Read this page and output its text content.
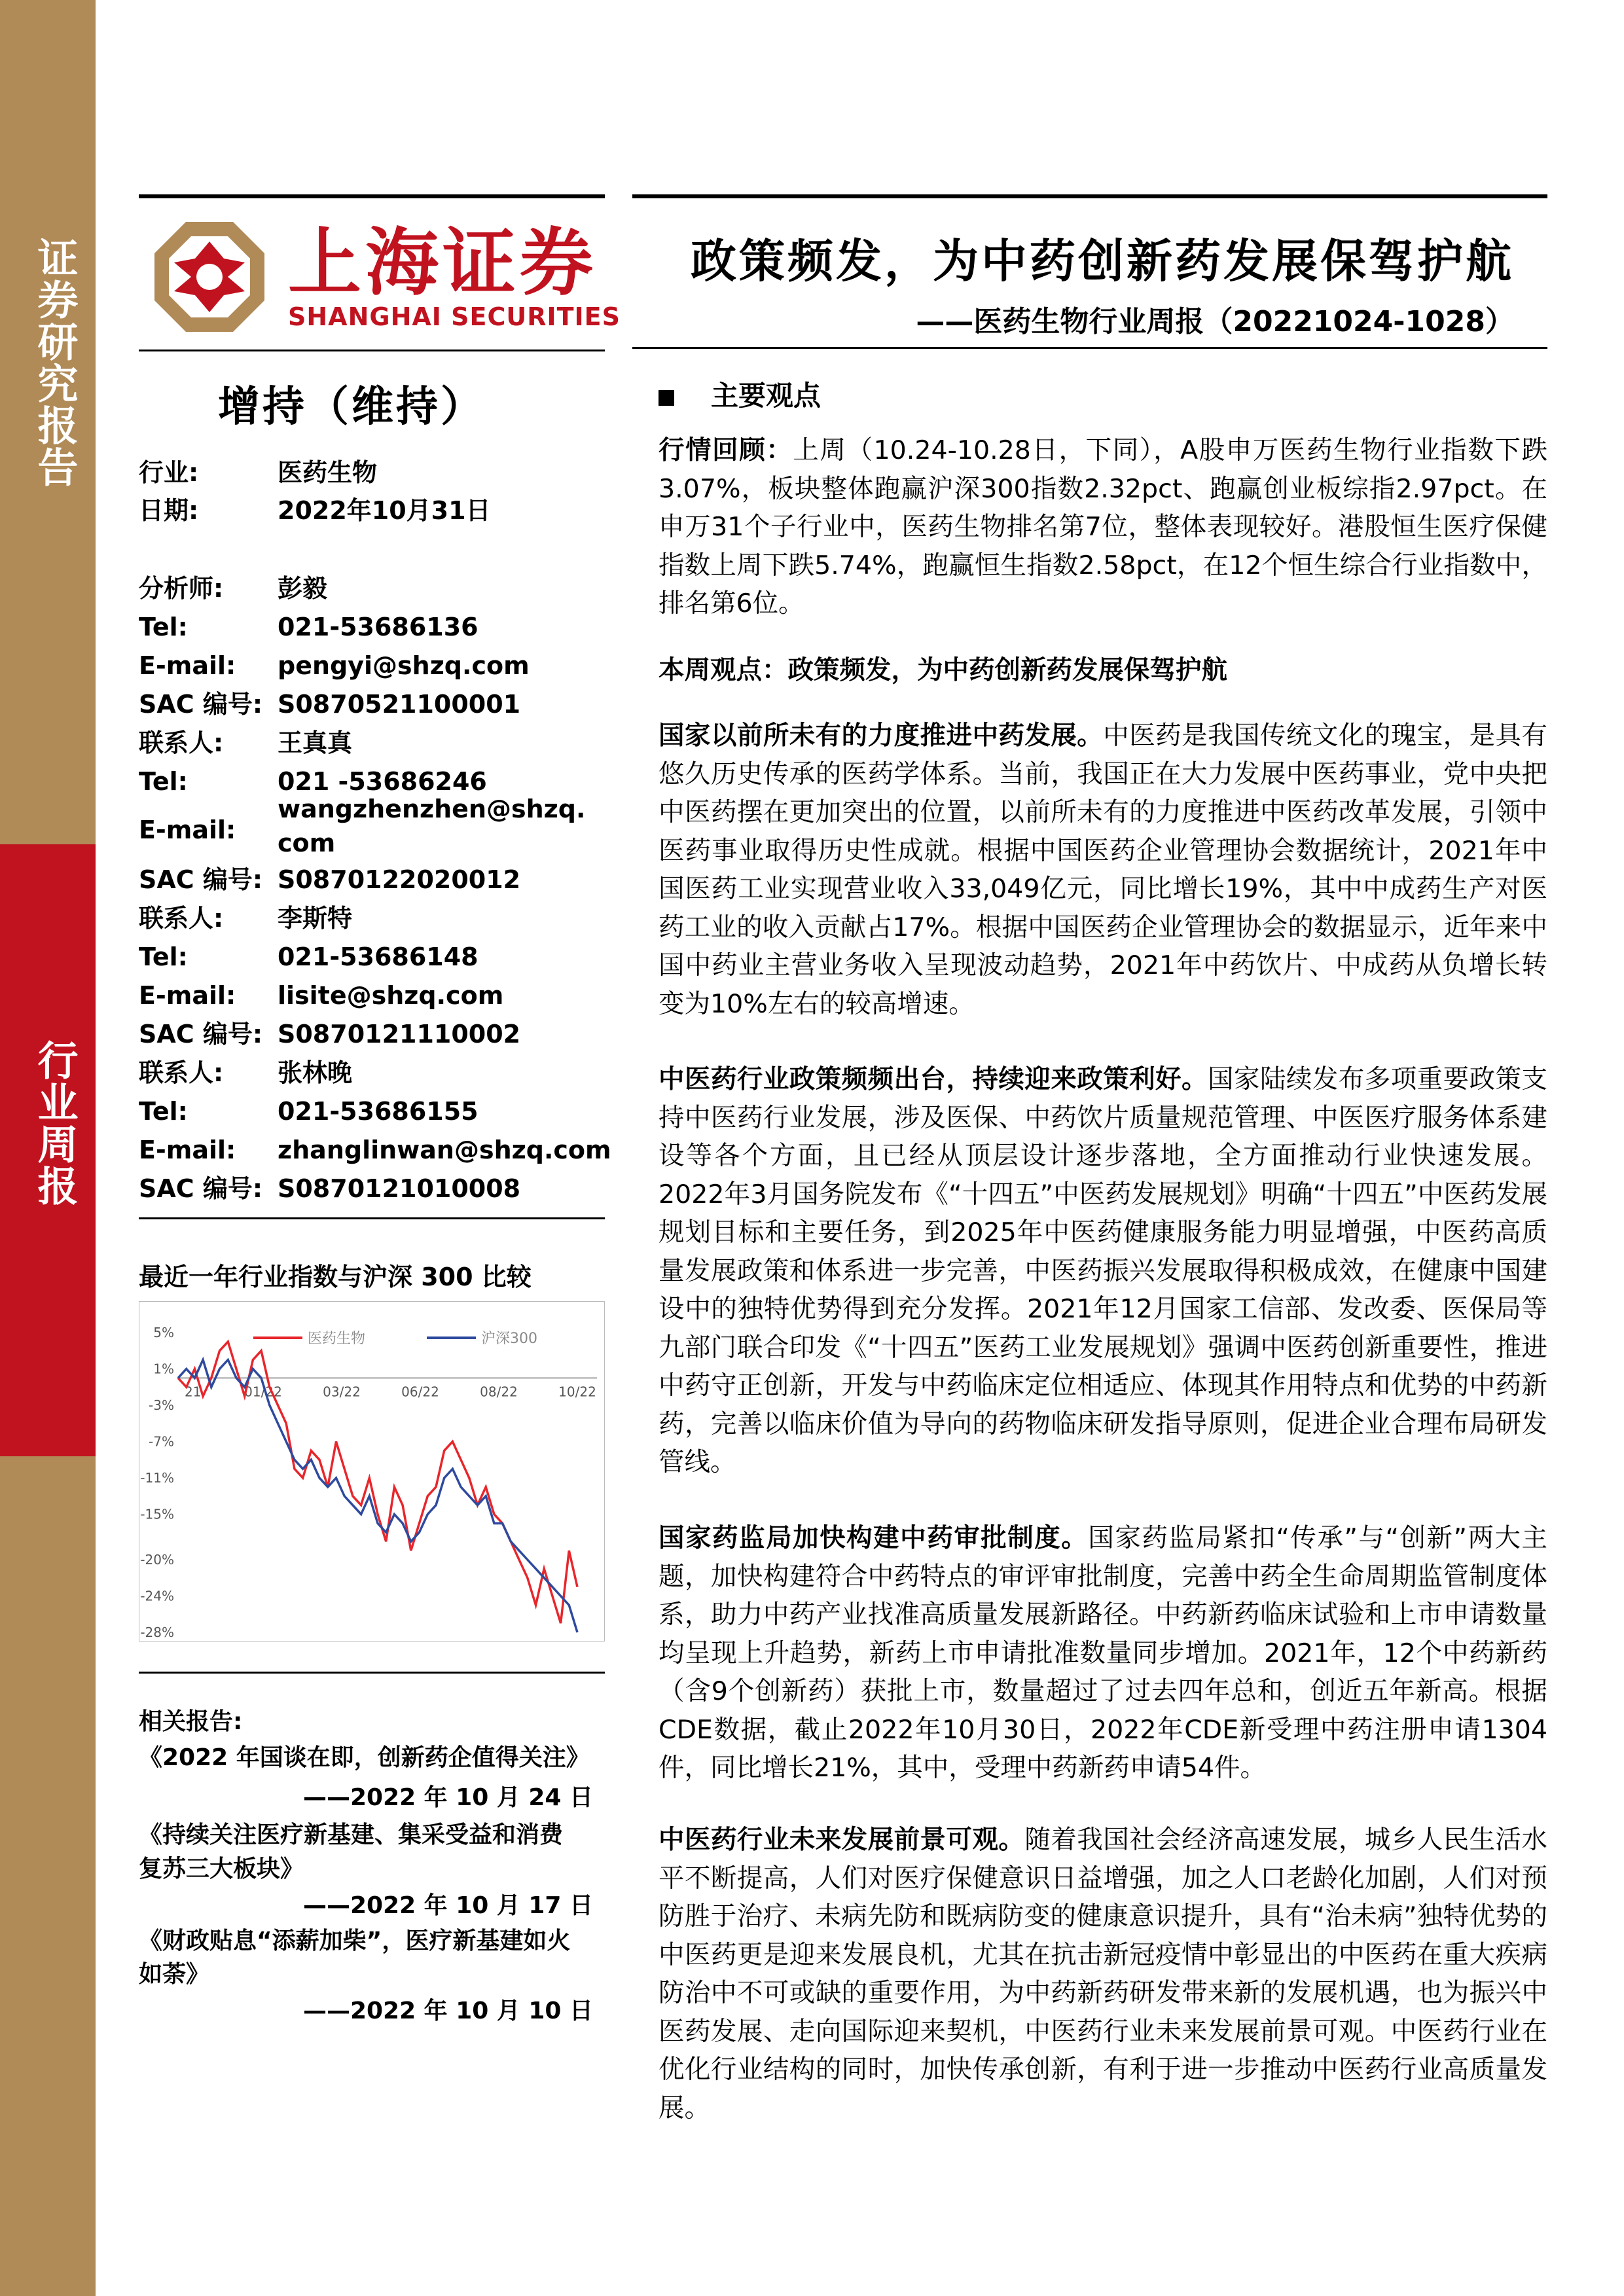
证券研究报告
行业周报
上海证券
SHANGHAI SECURITIES
政策频发，为中药创新药发展保驾护航
——医药生物行业周报（20221024-1028）
增持（维持）
行业:	医药生物
日期:	2022年10月31日
分析师: 彭毅
Tel:	021-53686136
E-mail: pengyi@shzq.com
SAC 编号: S0870521100001
联系人: 王真真
Tel:	021 -53686246
E-mail:
wangzhenzhen@shzq.com
SAC 编号: S0870122020012
联系人: 李斯特
Tel:	021-53686148
E-mail: lisite@shzq.com
SAC 编号: S0870121110002
联系人: 张林晚
Tel:	021-53686155
E-mail: zhanglinwan@shzq.com
SAC 编号: S0870121010008
最近一年行业指数与沪深 300 比较
5%
1%
-3%
-7%
-11%
-15%
-20%
-24%
-28%
21	01/22	03/22	06/22	08/22	10/22
医药生物	沪深300
相关报告:
《2022 年国谈在即，创新药企值得关注》
——2022 年 10 月 24 日
《持续关注医疗新基建、集采受益和消费
复苏三大板块》
——2022 年 10 月 17 日
《财政贴息“添薪加柴”，医疗新基建如火
如荼》
——2022 年 10 月 10 日
主要观点

行情回顾：上周（10.24-10.28日，下同），A股申万医药生物行业指数下跌3.07%，板块整体跑赢沪深300指数2.32pct、跑赢创业板综指2.97pct。在申万31个子行业中，医药生物排名第7位，整体表现较好。港股恒生医疗保健指数上周下跌5.74%，跑赢恒生指数2.58pct，在12个恒生综合行业指数中，排名第6位。

本周观点：政策频发，为中药创新药发展保驾护航

国家以前所未有的力度推进中药发展。中医药是我国传统文化的瑰宝，是具有悠久历史传承的医药学体系。当前，我国正在大力发展中医药事业，党中央把中医药摆在更加突出的位置，以前所未有的力度推进中医药改革发展，引领中医药事业取得历史性成就。根据中国医药企业管理协会数据统计，2021年中国医药工业实现营业收入33,049亿元，同比增长19%，其中中成药生产对医药工业的收入贡献占17%。根据中国医药企业管理协会的数据显示，近年来中国中药业主营业务收入呈现波动趋势，2021年中药饮片、中成药从负增长转变为10%左右的较高增速。

中医药行业政策频频出台，持续迎来政策利好。国家陆续发布多项重要政策支持中医药行业发展，涉及医保、中药饮片质量规范管理、中医医疗服务体系建设等各个方面，且已经从顶层设计逐步落地，全方面推动行业快速发展。2022年3月国务院发布《“十四五”中医药发展规划》明确“十四五”中医药发展规划目标和主要任务，到2025年中医药健康服务能力明显增强，中医药高质量发展政策和体系进一步完善，中医药振兴发展取得积极成效，在健康中国建设中的独特优势得到充分发挥。2021年12月国家工信部、发改委、医保局等九部门联合印发《“十四五”医药工业发展规划》强调中医药创新重要性，推进中药守正创新，开发与中药临床定位相适应、体现其作用特点和优势的中药新药，完善以临床价值为导向的药物临床研发指导原则，促进企业合理布局研发管线。

国家药监局加快构建中药审批制度。国家药监局紧扣“传承”与“创新”两大主题，加快构建符合中药特点的审评审批制度，完善中药全生命周期监管制度体系，助力中药产业找准高质量发展新路径。中药新药临床试验和上市申请数量均呈现上升趋势，新药上市申请批准数量同步增加。2021年，12个中药新药（含9个创新药）获批上市，数量超过了过去四年总和，创近五年新高。根据CDE数据，截止2022年10月30日，2022年CDE新受理中药注册申请1304件，同比增长21%，其中，受理中药新药申请54件。

中医药行业未来发展前景可观。随着我国社会经济高速发展，城乡人民生活水平不断提高，人们对医疗保健意识日益增强，加之人口老龄化加剧，人们对预防胜于治疗、未病先防和既病防变的健康意识提升，具有“治未病”独特优势的中医药更是迎来发展良机，尤其在抗击新冠疫情中彰显出的中医药在重大疾病防治中不可或缺的重要作用，为中药新药研发带来新的发展机遇，也为振兴中医药发展、走向国际迎来契机，中医药行业未来发展前景可观。中医药行业在优化行业结构的同时，加快传承创新，有利于进一步推动中医药行业高质量发展。
